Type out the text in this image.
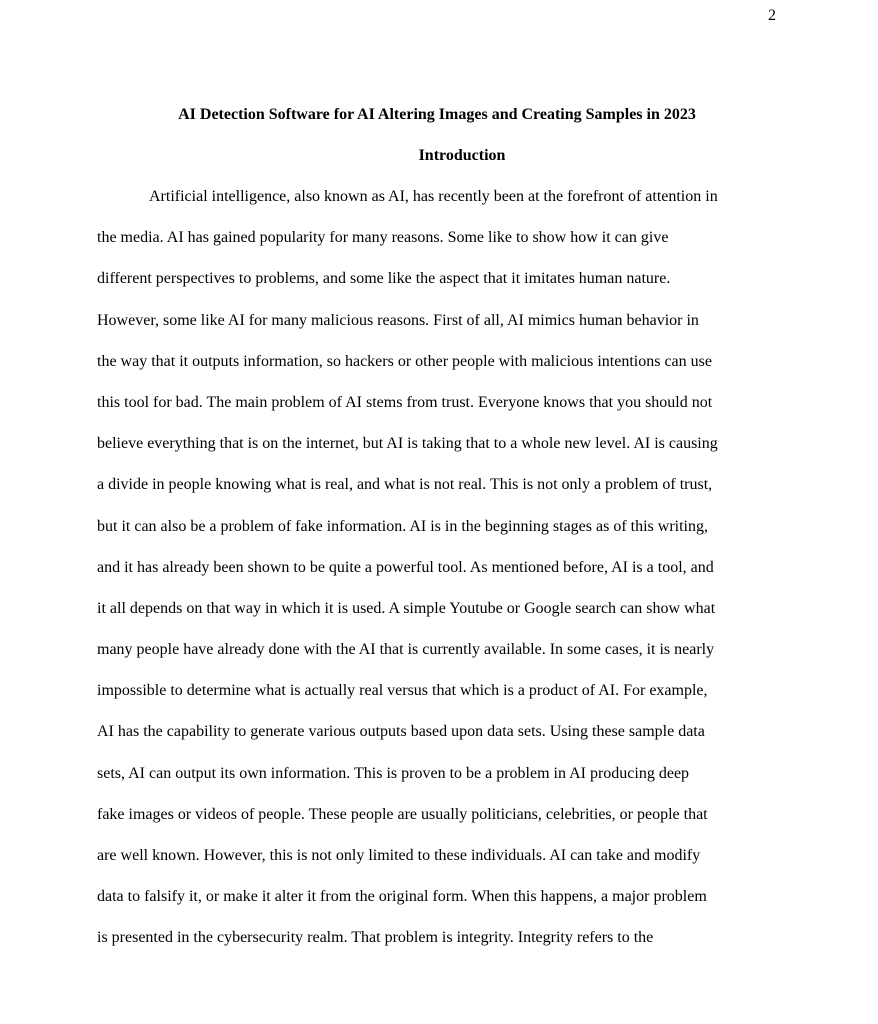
2
AI Detection Software for AI Altering Images and Creating Samples in 2023
Introduction
Artificial intelligence, also known as AI, has recently been at the forefront of attention in
the media. AI has gained popularity for many reasons. Some like to show how it can give
different perspectives to problems, and some like the aspect that it imitates human nature.
However, some like AI for many malicious reasons. First of all, AI mimics human behavior in
the way that it outputs information, so hackers or other people with malicious intentions can use
this tool for bad. The main problem of AI stems from trust. Everyone knows that you should not
believe everything that is on the internet, but AI is taking that to a whole new level. AI is causing
a divide in people knowing what is real, and what is not real. This is not only a problem of trust,
but it can also be a problem of fake information. AI is in the beginning stages as of this writing,
and it has already been shown to be quite a powerful tool. As mentioned before, AI is a tool, and
it all depends on that way in which it is used. A simple Youtube or Google search can show what
many people have already done with the AI that is currently available. In some cases, it is nearly
impossible to determine what is actually real versus that which is a product of AI. For example,
AI has the capability to generate various outputs based upon data sets. Using these sample data
sets, AI can output its own information. This is proven to be a problem in AI producing deep
fake images or videos of people. These people are usually politicians, celebrities, or people that
are well known. However, this is not only limited to these individuals. AI can take and modify
data to falsify it, or make it alter it from the original form. When this happens, a major problem
is presented in the cybersecurity realm. That problem is integrity. Integrity refers to the
